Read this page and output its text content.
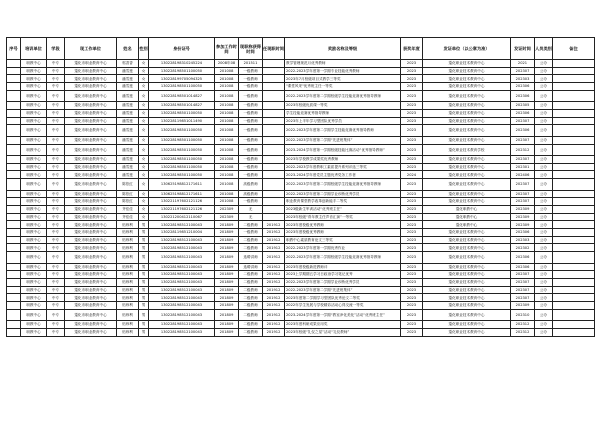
序号	培训单位	学段	现工作单位	姓名	性别	身份证号	参加工作时间	现职称获得时间	任现职时间	奖励名称及等级	获奖年度	发证单位（以公章为准）	发证时间	人员类别	备注
	职教中心	中专	蓬化市职业教育中心	郭香香	女	130228198310245224	2008年08	201511		教学管理规范月优秀教师	2023	蓬化职业技术教育中心	2021	公办	
	职教中心	中专	蓬化市职业教育中心	潘雪莲	女	130228198501100050	201008	一级教师		2022-2023学年度第一学期专业技能优秀教师	2023	蓬化职业技术教育中心	202307	公办	
	职教中心	中专	蓬化市职业教育中心	潘雪莲	女	130228199705094325	201008	一级教师		2023年7月校级项目式教学三等奖	2023	蓬化职业技术教育中心	202303	公办	
	职教中心	中专	蓬化市职业教育中心	潘雪莲	女	130228198501100050	201008	一级教师		"课堂风采"优秀班主任一等奖	2023	蓬化职业技术教育中心	202306	公办	
	职教中心	中专	蓬化市职业教育中心	潘雪莲	女	130228198501014827	201008	一级教师		2022-2023学年度第二学期校级学生技能竞赛优秀指导教师	2023	蓬化职业技术教育中心	202306	公办	
	职教中心	中专	蓬化市职业教育中心	潘雪莲	女	130228198501014827	201008	一级教师		2023年校级优质课一等奖	2023	蓬化职业技术教育中心	202305	公办	
	职教中心	中专	蓬化市职业教育中心	潘雪莲	女	130228198501100050	201008	一级教师		学生技能竞赛优秀指导教师	2023	蓬化职业技术教育中心	202306	公办	
	职教中心	中专	蓬化市职业教育中心	潘雪莲	女	130228119851011490	201008	一级教师		2023年上半年学习型团队优秀学员	2023	蓬化职业技术教育中心	202307	公办	
	职教中心	中专	蓬化市职业教育中心	潘雪莲	女	130228198501100050	201008	一级教师		2022-2023学年度第二学期学生技能竞赛优秀指导教师	2023	蓬化职业技术教育中心	202306	公办	
	职教中心	中专	蓬化市职业教育中心	潘雪莲	女	130228198501100050	201008	一级教师		2022-2023学年度第二学期“先进班集体”	2023	蓬化职业技术教育中心	202307	公办	
	职教中心	中专	蓬化市职业教育中心	潘雪莲	女	130228198501100050	201008	一级教师		2023-2024学年度第一学期校级技能比赛活动“优秀指导教师”	2023	蓬化职业技术教育学校	202312	公办	
	职教中心	中专	蓬化市职业教育中心	潘雪莲	女	130228198501100050	201008	一级教师		2023年学校教学成果奖优秀教师	2023	蓬化职业技术教育中心	202307	公办	
	职教中心	中专	蓬化市职业教育中心	潘雪莲	女	130228198501100050	201008	一级教师		2022-2023学年度教职工素质提升系列评选三等奖	2023	蓬化职业技术教育中心	202301	公办	
	职教中心	中专	蓬化市职业教育中心	潘雪莲	女	130228198501100050	201008	一级教师		2023-2024学年度党员主题优秀党务工作者	2024	蓬化职业技术教育中心	202406	公办	
	职教中心	中专	蓬化市职业教育中心	陈依红	女	130625198812171611	201008	高级教师		2022-2023学年度第二学期校级学生技能竞赛优秀指导教师	2023	蓬化职业技术教育中心	202307	公办	
	职教中心	中专	蓬化市职业教育中心	陈依红	女	130625198812171611	201008	高级教师		2022-2023学年度第二学期学业诊断优秀学员	2023	蓬化职业技术教育中心	202307	公办	
	职教中心	中专	蓬化市职业教育中心	陈依红	女	130221197602121126	201008	一级教师		职业教育课堂教学改革创新能手二等奖	2023	蓬化职业技术教育中心	202307	公办	
	职教中心	中专	蓬化市职业教育中心	齐佳佳	女	130221197602121126	202309	无		2023级新生军训活动“优秀班主任”	2023	蓬化职教中心	202309	公办	
	职教中心	中专	蓬化市职业教育中心	齐佳佳	女	130221200412110067	202309	无		2023年校级“青年教主任声音汇演”一等奖	2023	蓬化职教中心	202309	公办	
	职教中心	中专	蓬化市职业教育中心	柘炜利	男	130228198512100043	201809	二级教师	201912	2023年度校级优秀教师	2023	蓬化职教中心	202309	公办	
	职教中心	中专	蓬化市职业教育中心	柘炜利	男	130228119851210004	201809	一级教师	201912	2023年度校级优秀教师	2023	蓬化职业技术教育中心	202306	公办	
	职教中心	中专	蓬化市职业教育中心	柘炜利	男	130228198512100043	201809	二级教师	201912	职教中心素质教育论文三等奖	2023	蓬化职业技术教育中心	202303	公办	
	职教中心	中专	蓬化市职业教育中心	柘炜利	男	130228198512100043	201809	二级教师	201912	2022-2023学年度第一学期优秀作业	2023	蓬化职业技术教育中心	202302	公办	
	职教中心	中专	蓬化市职业教育中心	柘炜利	男	130228198512100043	201809	选聘讲师	201912	2022-2023学年度第二学期校级学生技能竞赛优秀指导教师	2023	蓬化职业技术教育中心	202306	公办	
	职教中心	中专	蓬化市职业教育中心	柘炜利	男	130228198512100043	201809	选聘讲师	201912	2023年度校级新进教师评	2023	蓬化职业技术教育中心	202306	公办	
	职教中心	中专	蓬化市职业教育中心	柘炜利	男	130228198512100043	201809	二级教师	201912	2023上学期期五学习日政治学习笔记优秀	2023	蓬化职业技术教育中心	202307	公办	
	职教中心	中专	蓬化市职业教育中心	柘炜利	男	130228198512100043	201809	二级教师	201912	2022-2023学年度第二学期学业诊断优秀学员	2023	蓬化职业技术教育中心	202307	公办	
	职教中心	中专	蓬化市职业教育中心	柘炜利	男	130228198512100043	201809	二级教师	201912	2022-2023学年度第二学期“先进班集体”	2023	蓬化职业技术教育中心	202307	公办	
	职教中心	中专	蓬化市职业教育中心	柘炜利	男	130228198512100043	201809	二级教师	201912	2023年度第二学期学习型团队优秀论文二等奖	2023	蓬化职业技术教育中心	202307	公办	
	职教中心	中专	蓬化市职业教育中心	柘炜利	男	130228198512100043	201809	二级教师	201912	2022年学生发展与学校精彩活动心得交流一等奖	2023	蓬化职业技术教育中心	202309	公办	
	职教中心	中专	蓬化市职业教育中心	柘炜利	男	130228198512100043	201809	二级教师	201912	2023-2024学年度第一学期“教室净化美化”活动“优秀班主任”	2023	蓬化职业技术教育中心	202310	公办	
	职教中心	中专	蓬化市职业教育中心	柘炜利	男	130228198512100043	201809	二级教师	201912	2023年度科研成果应用奖	2023	蓬化职业技术教育中心	202312	公办	
	职教中心	中专	蓬化市职业教育中心	柘炜利	男	130228198512100043	201809	二级教师	201912	2023年校级“礼仪之星”活动“礼仪教师”	2023	蓬化职业技术教育中心	202312	公办	
